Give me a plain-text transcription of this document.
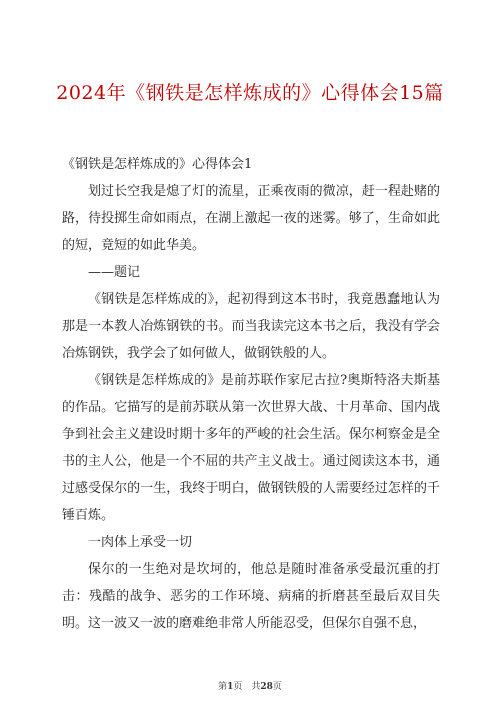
2024年《钢铁是怎样炼成的》心得体会15篇

《钢铁是怎样炼成的》心得体会1

划过长空我是熄了灯的流星，正乘夜雨的微凉，赶一程赴赌的路，待投掷生命如雨点，在湖上激起一夜的迷雾。够了，生命如此的短，竟短的如此华美。

——题记

《钢铁是怎样炼成的》，起初得到这本书时，我竟愚蠢地认为那是一本教人冶炼钢铁的书。而当我读完这本书之后，我没有学会冶炼钢铁，我学会了如何做人，做钢铁般的人。

《钢铁是怎样炼成的》是前苏联作家尼古拉?奥斯特洛夫斯基的作品。它描写的是前苏联从第一次世界大战、十月革命、国内战争到社会主义建设时期十多年的严峻的社会生活。保尔柯察金是全书的主人公，他是一个不屈的共产主义战士。通过阅读这本书，通过感受保尔的一生，我终于明白，做钢铁般的人需要经过怎样的千锤百炼。

一肉体上承受一切

保尔的一生绝对是坎坷的，他总是随时准备承受最沉重的打击：残酷的战争、恶劣的工作环境、病痛的折磨甚至最后双目失明。这一波又一波的磨难绝非常人所能忍受，但保尔自强不息，

第1页　共28页
